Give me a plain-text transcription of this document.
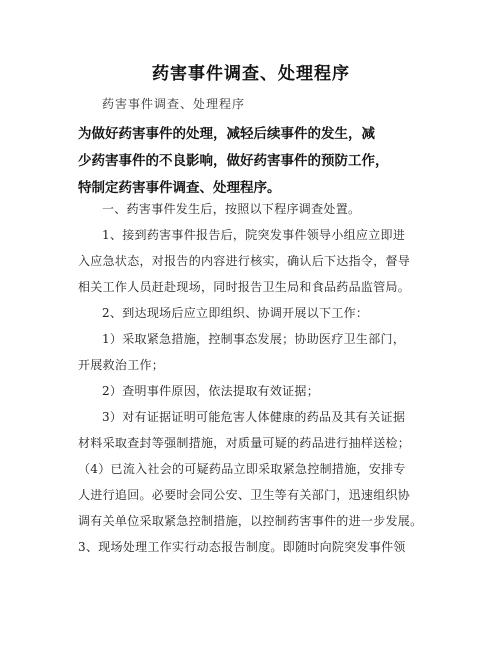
药害事件调查、处理程序
药害事件调查、处理程序
为做好药害事件的处理，减轻后续事件的发生，减
少药害事件的不良影响，做好药害事件的预防工作，
特制定药害事件调查、处理程序。
一、药害事件发生后，按照以下程序调查处置。
1、接到药害事件报告后，院突发事件领导小组应立即进
入应急状态，对报告的内容进行核实，确认后下达指令，督导
相关工作人员赶赴现场，同时报告卫生局和食品药品监管局。
2、到达现场后应立即组织、协调开展以下工作：
1）采取紧急措施，控制事态发展；协助医疗卫生部门，
开展救治工作；
2）查明事件原因，依法提取有效证据；
3）对有证据证明可能危害人体健康的药品及其有关证据
材料采取查封等强制措施，对质量可疑的药品进行抽样送检；
（4）已流入社会的可疑药品立即采取紧急控制措施，安排专
人进行追回。必要时会同公安、卫生等有关部门，迅速组织协
调有关单位采取紧急控制措施，以控制药害事件的进一步发展。
3、现场处理工作实行动态报告制度。即随时向院突发事件领
